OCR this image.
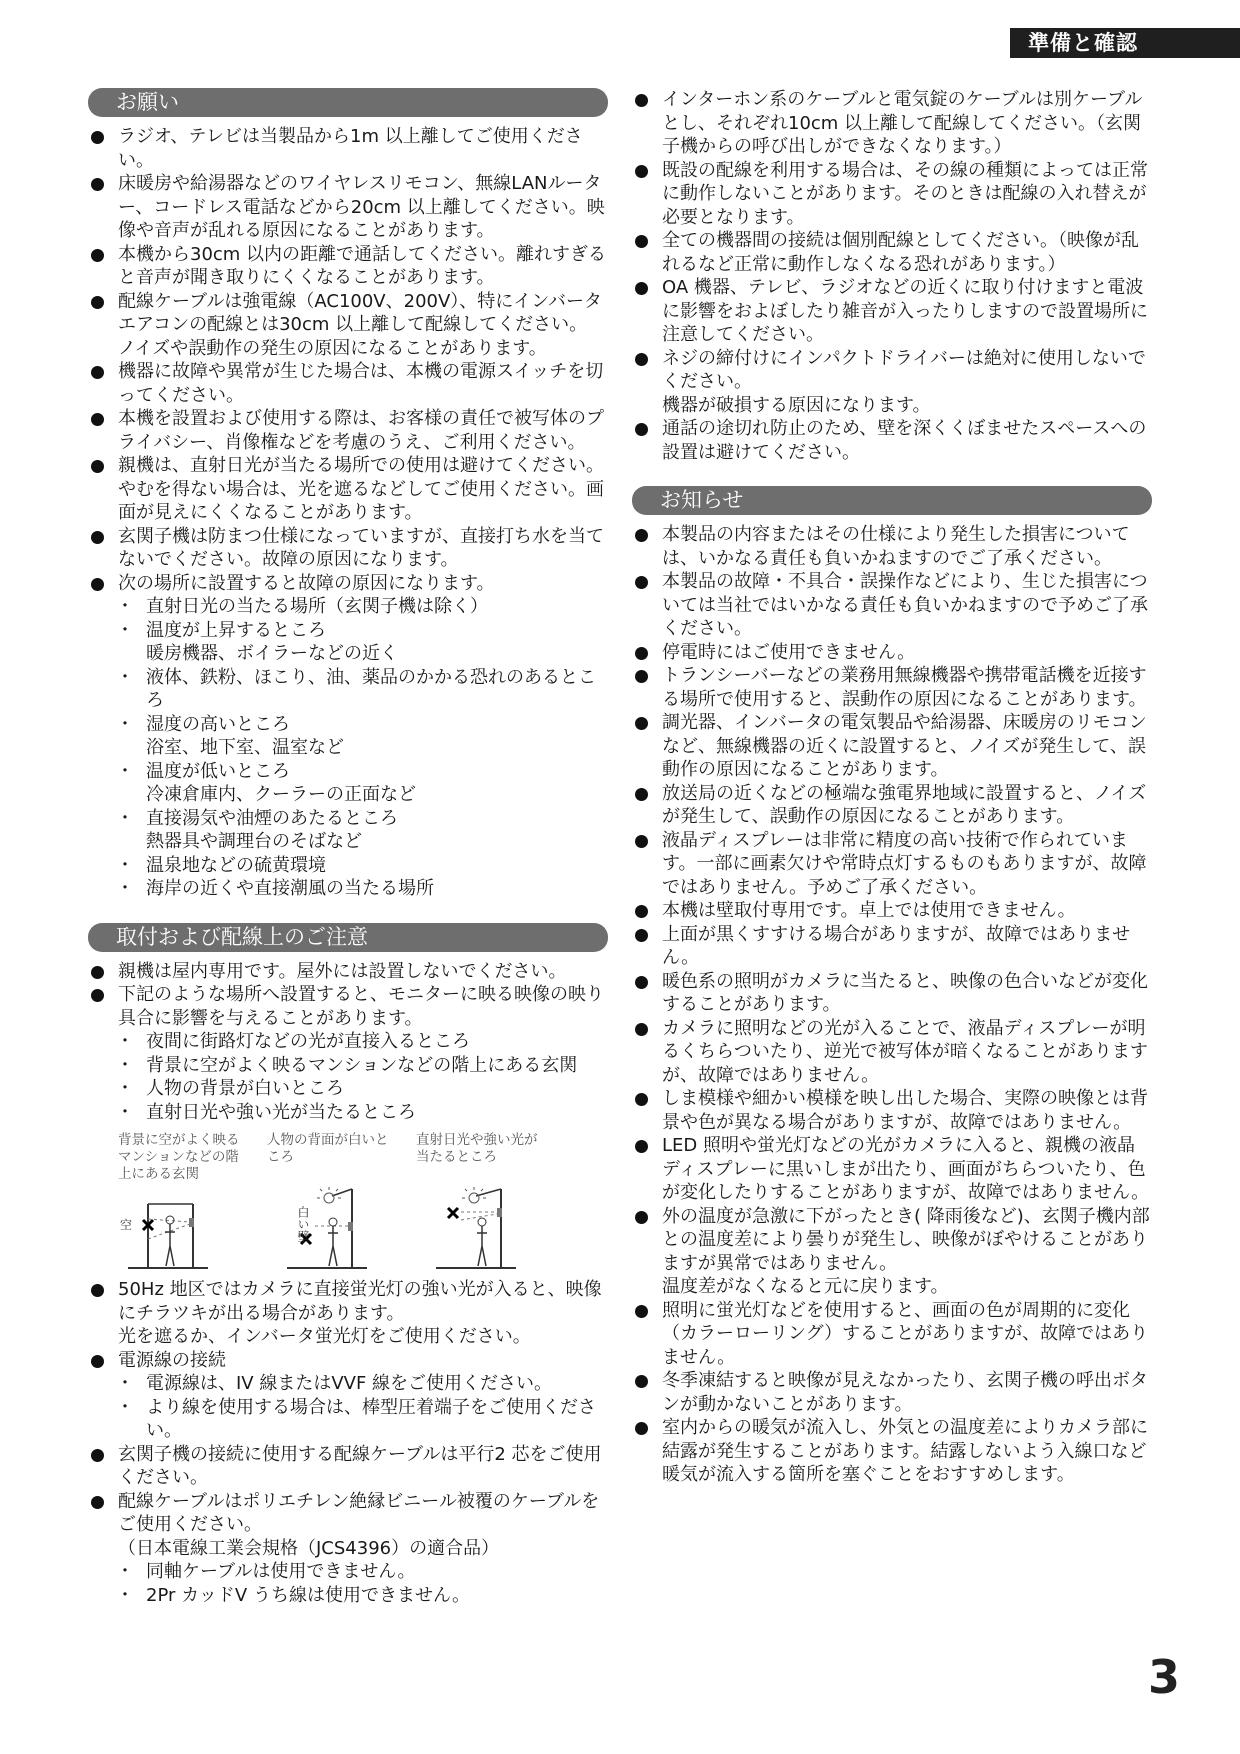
準備と確認
お願い

ラジオ、テレビは当製品から1m 以上離してご使用ください。

床暖房や給湯器などのワイヤレスリモコン、無線LANルーター、コードレス電話などから20cm 以上離してください。映像や音声が乱れる原因になることがあります。

本機から30cm 以内の距離で通話してください。離れすぎると音声が聞き取りにくくなることがあります。

配線ケーブルは強電線（AC100V、200V）、特にインバータエアコンの配線とは30cm 以上離して配線してください。

ノイズや誤動作の発生の原因になることがあります。

機器に故障や異常が生じた場合は、本機の電源スイッチを切ってください。

本機を設置および使用する際は、お客様の責任で被写体のプライバシー、肖像権などを考慮のうえ、ご利用ください。

親機は、直射日光が当たる場所での使用は避けてください。やむを得ない場合は、光を遮るなどしてご使用ください。画面が見えにくくなることがあります。

玄関子機は防まつ仕様になっていますが、直接打ち水を当てないでください。故障の原因になります。

次の場所に設置すると故障の原因になります。

・ 直射日光の当たる場所（玄関子機は除く）

・ 温度が上昇するところ

暖房機器、ボイラーなどの近く

・ 液体、鉄粉、ほこり、油、薬品のかかる恐れのあるところ

・ 湿度の高いところ

浴室、地下室、温室など

・ 温度が低いところ

冷凍倉庫内、クーラーの正面など

・ 直接湯気や油煙のあたるところ

熱器具や調理台のそばなど

・ 温泉地などの硫黄環境

・ 海岸の近くや直接潮風の当たる場所

取付および配線上のご注意

親機は屋内専用です。屋外には設置しないでください。

下記のような場所へ設置すると、モニターに映る映像の映り具合に影響を与えることがあります。

・ 夜間に街路灯などの光が直接入るところ

・ 背景に空がよく映るマンションなどの階上にある玄関

・ 人物の背景が白いところ

・ 直射日光や強い光が当たるところ

背景に空がよく映るマンションなどの階上にある玄関
空
人物の背面が白いところ
白い壁
直射日光や強い光が当たるところ

50Hz 地区ではカメラに直接蛍光灯の強い光が入ると、映像にチラツキが出る場合があります。

光を遮るか、インバータ蛍光灯をご使用ください。

電源線の接続

・ 電源線は、IV 線またはVVF 線をご使用ください。

・ より線を使用する場合は、棒型圧着端子をご使用ください。

玄関子機の接続に使用する配線ケーブルは平行2 芯をご使用ください。

配線ケーブルはポリエチレン絶縁ビニール被覆のケーブルをご使用ください。

（日本電線工業会規格（JCS4396）の適合品）

・ 同軸ケーブルは使用できません。

・ 2Pr カッドV うち線は使用できません。

インターホン系のケーブルと電気錠のケーブルは別ケーブルとし、それぞれ10cm 以上離して配線してください。（玄関子機からの呼び出しができなくなります。）

既設の配線を利用する場合は、その線の種類によっては正常に動作しないことがあります。そのときは配線の入れ替えが必要となります。

全ての機器間の接続は個別配線としてください。（映像が乱れるなど正常に動作しなくなる恐れがあります。）

OA 機器、テレビ、ラジオなどの近くに取り付けますと電波に影響をおよぼしたり雑音が入ったりしますので設置場所に注意してください。

ネジの締付けにインパクトドライバーは絶対に使用しないでください。

機器が破損する原因になります。

通話の途切れ防止のため、壁を深くくぼませたスペースへの設置は避けてください。

お知らせ

本製品の内容またはその仕様により発生した損害については、いかなる責任も負いかねますのでご了承ください。

本製品の故障・不具合・誤操作などにより、生じた損害については当社ではいかなる責任も負いかねますので予めご了承ください。

停電時にはご使用できません。

トランシーバーなどの業務用無線機器や携帯電話機を近接する場所で使用すると、誤動作の原因になることがあります。

調光器、インバータの電気製品や給湯器、床暖房のリモコンなど、無線機器の近くに設置すると、ノイズが発生して、誤動作の原因になることがあります。

放送局の近くなどの極端な強電界地域に設置すると、ノイズが発生して、誤動作の原因になることがあります。

液晶ディスプレーは非常に精度の高い技術で作られています。一部に画素欠けや常時点灯するものもありますが、故障ではありません。予めご了承ください。

本機は壁取付専用です。卓上では使用できません。

上面が黒くすすける場合がありますが、故障ではありません。

暖色系の照明がカメラに当たると、映像の色合いなどが変化することがあります。

カメラに照明などの光が入ることで、液晶ディスプレーが明るくちらついたり、逆光で被写体が暗くなることがありますが、故障ではありません。

しま模様や細かい模様を映し出した場合、実際の映像とは背景や色が異なる場合がありますが、故障ではありません。

LED 照明や蛍光灯などの光がカメラに入ると、親機の液晶ディスプレーに黒いしまが出たり、画面がちらついたり、色が変化したりすることがありますが、故障ではありません。

外の温度が急激に下がったとき( 降雨後など)、玄関子機内部との温度差により曇りが発生し、映像がぼやけることがありますが異常ではありません。

温度差がなくなると元に戻ります。

照明に蛍光灯などを使用すると、画面の色が周期的に変化（カラーローリング）することがありますが、故障ではありません。

冬季凍結すると映像が見えなかったり、玄関子機の呼出ボタンが動かないことがあります。

室内からの暖気が流入し、外気との温度差によりカメラ部に結露が発生することがあります。結露しないよう入線口など暖気が流入する箇所を塞ぐことをおすすめします。

3
